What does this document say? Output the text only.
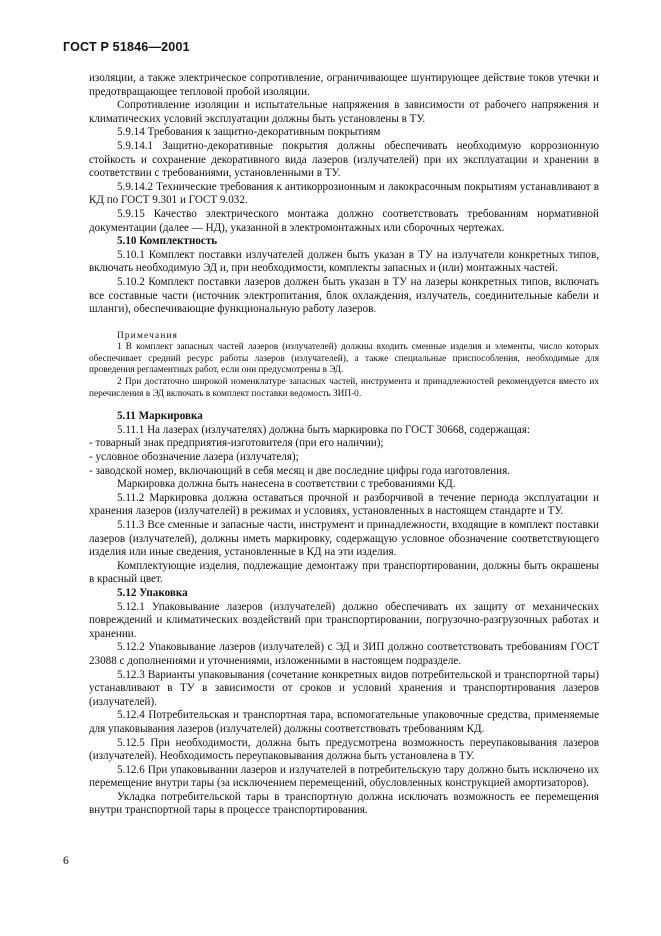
ГОСТ Р 51846—2001

изоляции, а также электрическое сопротивление, ограничивающее шунтирующее действие токов утечки и предотвращающее тепловой пробой изоляции.

Сопротивление изоляции и испытательные напряжения в зависимости от рабочего напряжения и климатических условий эксплуатации должны быть установлены в ТУ.

5.9.14 Требования к защитно-декоративным покрытиям

5.9.14.1 Защитно-декоративные покрытия должны обеспечивать необходимую коррозионную стойкость и сохранение декоративного вида лазеров (излучателей) при их эксплуатации и хранении в соответствии с требованиями, установленными в ТУ.

5.9.14.2 Технические требования к антикоррозионным и лакокрасочным покрытиям устанавливают в КД по ГОСТ 9.301 и ГОСТ 9.032.

5.9.15 Качество электрического монтажа должно соответствовать требованиям нормативной документации (далее — НД), указанной в электромонтажных или сборочных чертежах.

5.10 Комплектность

5.10.1 Комплект поставки излучателей должен быть указан в ТУ на излучатели конкретных типов, включать необходимую ЭД и, при необходимости, комплекты запасных и (или) монтажных частей.

5.10.2 Комплект поставки лазеров должен быть указан в ТУ на лазеры конкретных типов, включать все составные части (источник электропитания, блок охлаждения, излучатель, соединительные кабели и шланги), обеспечивающие функциональную работу лазеров.

Примечания

1 В комплект запасных частей лазеров (излучателей) должны входить сменные изделия и элементы, число которых обеспечивает средний ресурс работы лазеров (излучателей), а также специальные приспособления, необходимые для проведения регламентных работ, если они предусмотрены в ЭД.

2 При достаточно широкой номенклатуре запасных частей, инструмента и принадлежностей рекомендуется вместо их перечисления в ЭД включать в комплект поставки ведомость ЗИП-0.

5.11 Маркировка

5.11.1 На лазерах (излучателях) должна быть маркировка по ГОСТ 30668, содержащая:

- товарный знак предприятия-изготовителя (при его наличии);

- условное обозначение лазера (излучателя);

- заводской номер, включающий в себя месяц и две последние цифры года изготовления.

Маркировка должна быть нанесена в соответствии с требованиями КД.

5.11.2 Маркировка должна оставаться прочной и разборчивой в течение периода эксплуатации и хранения лазеров (излучателей) в режимах и условиях, установленных в настоящем стандарте и ТУ.

5.11.3 Все сменные и запасные части, инструмент и принадлежности, входящие в комплект поставки лазеров (излучателей), должны иметь маркировку, содержащую условное обозначение соответствующего изделия или иные сведения, установленные в КД на эти изделия.

Комплектующие изделия, подлежащие демонтажу при транспортировании, должны быть окрашены в красный цвет.

5.12 Упаковка

5.12.1 Упаковывание лазеров (излучателей) должно обеспечивать их защиту от механических повреждений и климатических воздействий при транспортировании, погрузочно-разгрузочных работах и хранении.

5.12.2 Упаковывание лазеров (излучателей) с ЭД и ЗИП должно соответствовать требованиям ГОСТ 23088 с дополнениями и уточнениями, изложенными в настоящем подразделе.

5.12.3 Варианты упаковывания (сочетание конкретных видов потребительской и транспортной тары) устанавливают в ТУ в зависимости от сроков и условий хранения и транспортирования лазеров (излучателей).

5.12.4 Потребительская и транспортная тара, вспомогательные упаковочные средства, применяемые для упаковывания лазеров (излучателей) должны соответствовать требованиям КД.

5.12.5 При необходимости, должна быть предусмотрена возможность переупаковывания лазеров (излучателей). Необходимость переупаковывания должна быть установлена в ТУ.

5.12.6 При упаковывании лазеров и излучателей в потребительскую тару должно быть исключено их перемещение внутри тары (за исключением перемещений, обусловленных конструкцией амортизаторов).

Укладка потребительской тары в транспортную должна исключать возможность ее перемещения внутри транспортной тары в процессе транспортирования.

6
